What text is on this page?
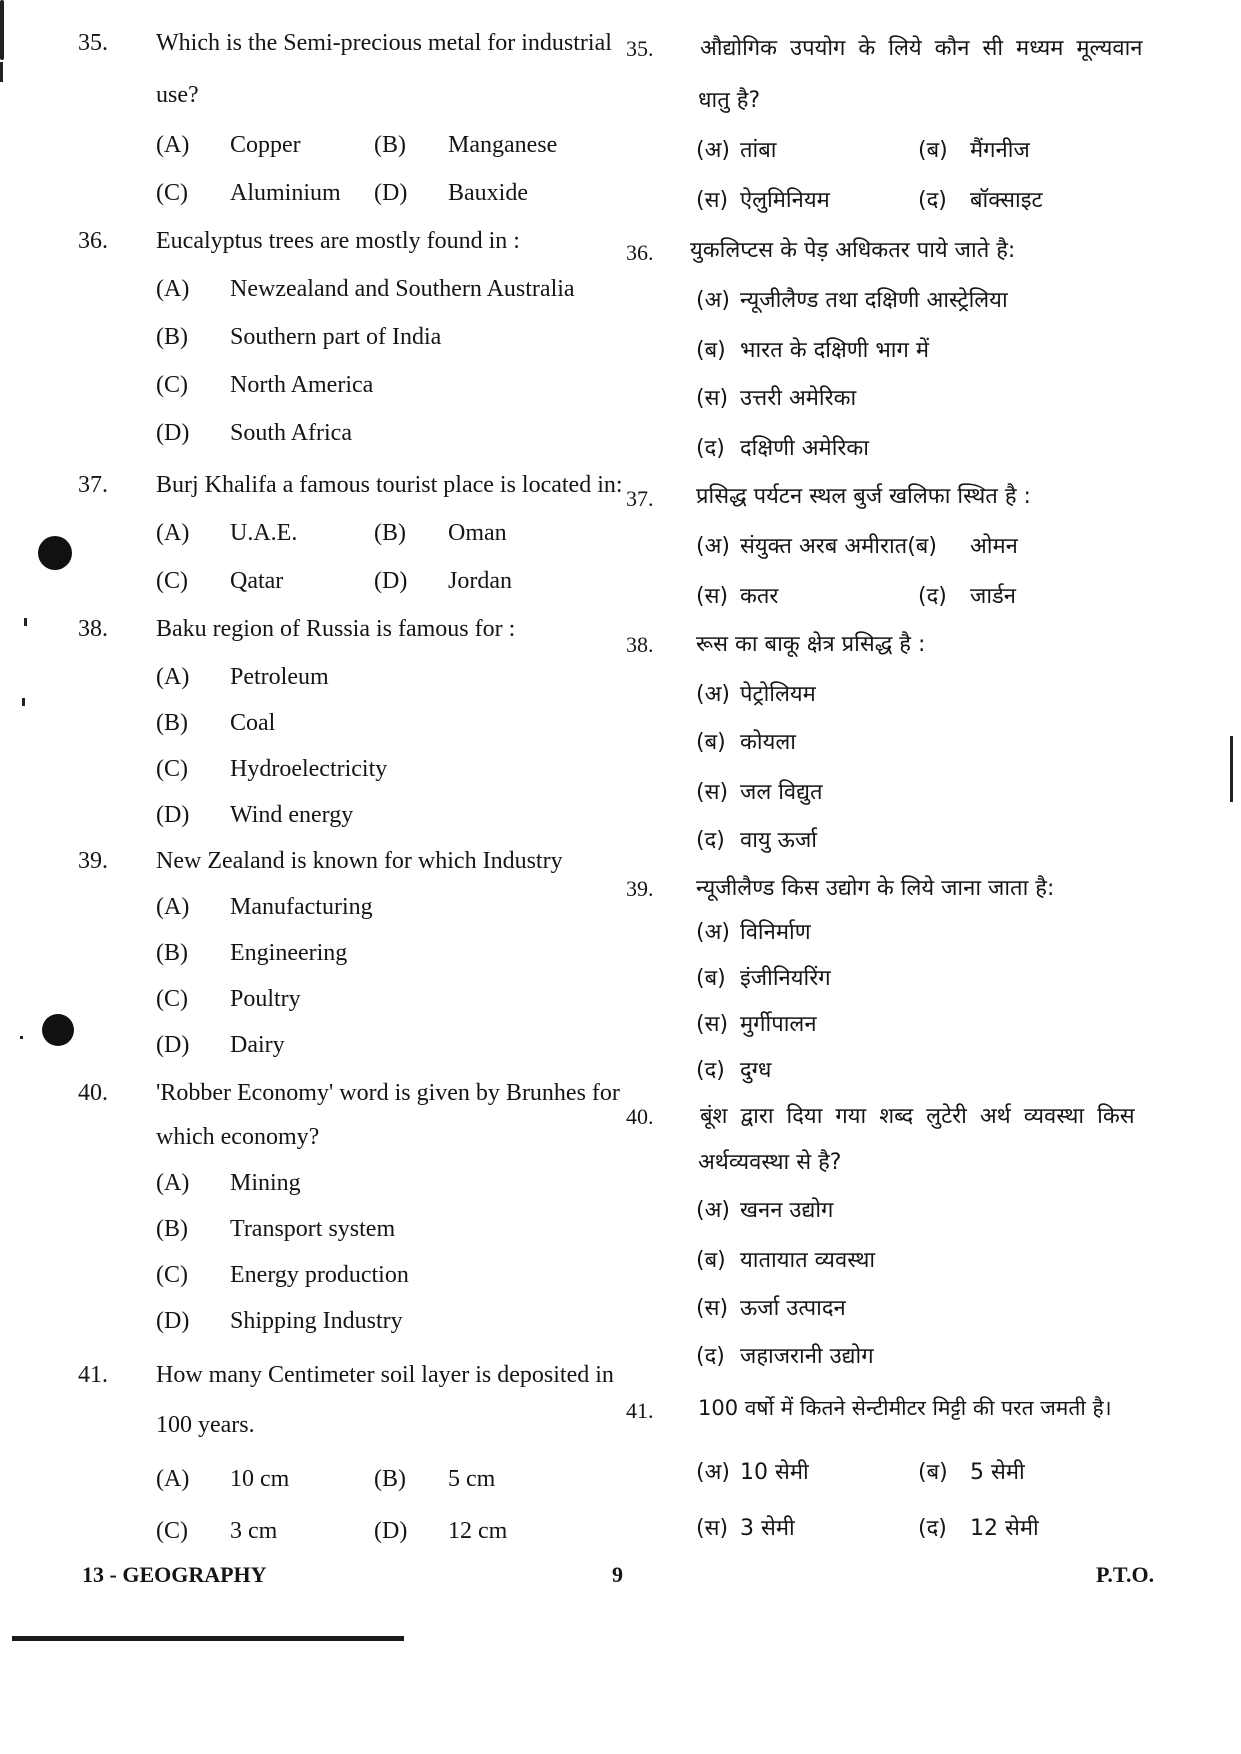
35. Which is the Semi-precious metal for industrial
use?
(A) Copper	(B) Manganese
(C) Aluminium (D) Bauxide
35. औद्योगिक उपयोग के लिये कौन सी मध्यम मूल्यवान
धातु है?
(अ) तांबा	(ब) मैंगनीज
(स) ऐलुमिनियम	(द) बॉक्साइट
36. Eucalyptus trees are mostly found in :
(A) Newzealand and Southern Australia
(B) Southern part of India
(C) North America
(D) South Africa
36. युकलिप्टस के पेड़ अधिकतर पाये जाते है:
(अ) न्यूजीलैण्ड तथा दक्षिणी आस्ट्रेलिया
(ब) भारत के दक्षिणी भाग में
(स) उत्तरी अमेरिका
(द) दक्षिणी अमेरिका
37. Burj Khalifa a famous tourist place is located in:
(A) U.A.E.	(B) Oman
(C) Qatar	(D) Jordan
37. प्रसिद्ध पर्यटन स्थल बुर्ज खलिफा स्थित है :
(अ) संयुक्त अरब अमीरात(ब) ओमन
(स) कतर	(द) जार्डन
38. Baku region of Russia is famous for :
(A) Petroleum
(B) Coal
(C) Hydroelectricity
(D) Wind energy
38. रूस का बाकू क्षेत्र प्रसिद्ध है :
(अ) पेट्रोलियम
(ब) कोयला
(स) जल विद्युत
(द) वायु ऊर्जा
39. New Zealand is known for which Industry
(A) Manufacturing
(B) Engineering
(C) Poultry
(D) Dairy
39. न्यूजीलैण्ड किस उद्योग के लिये जाना जाता है:
(अ) विनिर्माण
(ब) इंजीनियरिंग
(स) मुर्गीपालन
(द) दुग्ध
40. 'Robber Economy' word is given by Brunhes for
which economy?
(A) Mining
(B) Transport system
(C) Energy production
(D) Shipping Industry
40. बूंश द्वारा दिया गया शब्द लुटेरी अर्थ व्यवस्था किस
अर्थव्यवस्था से है?
(अ) खनन उद्योग
(ब) यातायात व्यवस्था
(स) ऊर्जा उत्पादन
(द) जहाजरानी उद्योग
41. How many Centimeter soil layer is deposited in
100 years.
(A) 10 cm	(B) 5 cm
(C) 3 cm	(D) 12 cm
41. 100 वर्षो में कितने सेन्टीमीटर मिट्टी की परत जमती है।
(अ) 10 सेमी	(ब) 5 सेमी
(स) 3 सेमी	(द) 12 सेमी
13 - GEOGRAPHY	9	P.T.O.
